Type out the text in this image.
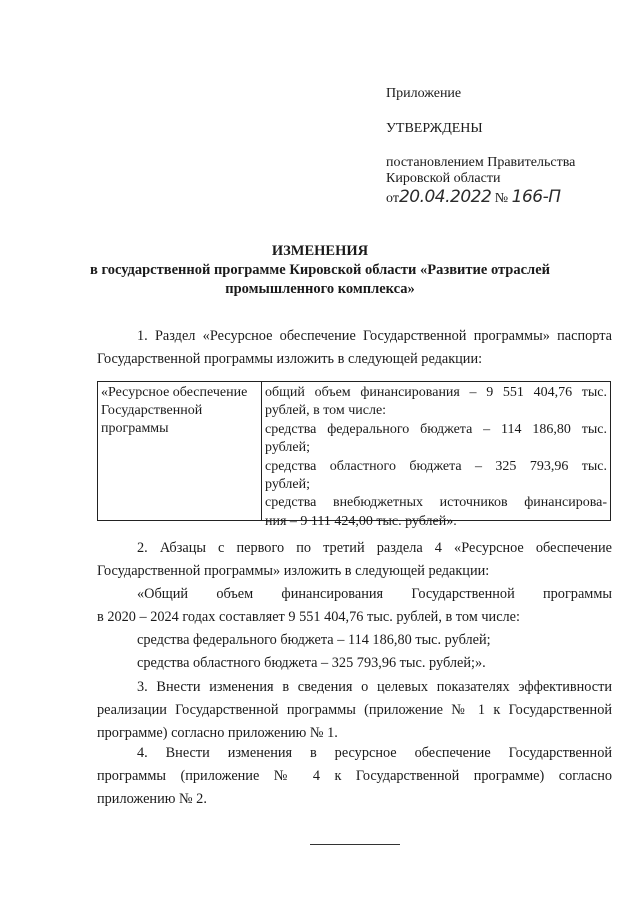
Приложение
УТВЕРЖДЕНЫ
постановлением Правительства
Кировской области
от20.04.2022 № 166-П
ИЗМЕНЕНИЯ
в государственной программе Кировской области «Развитие отраслей
промышленного комплекса»
1. Раздел «Ресурсное обеспечение Государственной программы» паспорта
Государственной программы изложить в следующей редакции:
«Ресурсное обеспечение
Государственной
программы
общий объем финансирования – 9 551 404,76 тыс.
рублей, в том числе:
средства федерального бюджета – 114 186,80 тыс.
рублей;
средства областного бюджета – 325 793,96 тыс.
рублей;
средства внебюджетных источников финансирова-
ния – 9 111 424,00 тыс. рублей».
2. Абзацы с первого по третий раздела 4 «Ресурсное обеспечение
Государственной программы» изложить в следующей редакции:
«Общий объем финансирования Государственной программы
в 2020 – 2024 годах составляет 9 551 404,76 тыс. рублей, в том числе:
средства федерального бюджета – 114 186,80 тыс. рублей;
средства областного бюджета – 325 793,96 тыс. рублей;».
3. Внести изменения в сведения о целевых показателях эффективности
реализации Государственной программы (приложение № 1 к Государственной
программе) согласно приложению № 1.
4. Внести изменения в ресурсное обеспечение Государственной
программы (приложение № 4 к Государственной программе) согласно
приложению № 2.
